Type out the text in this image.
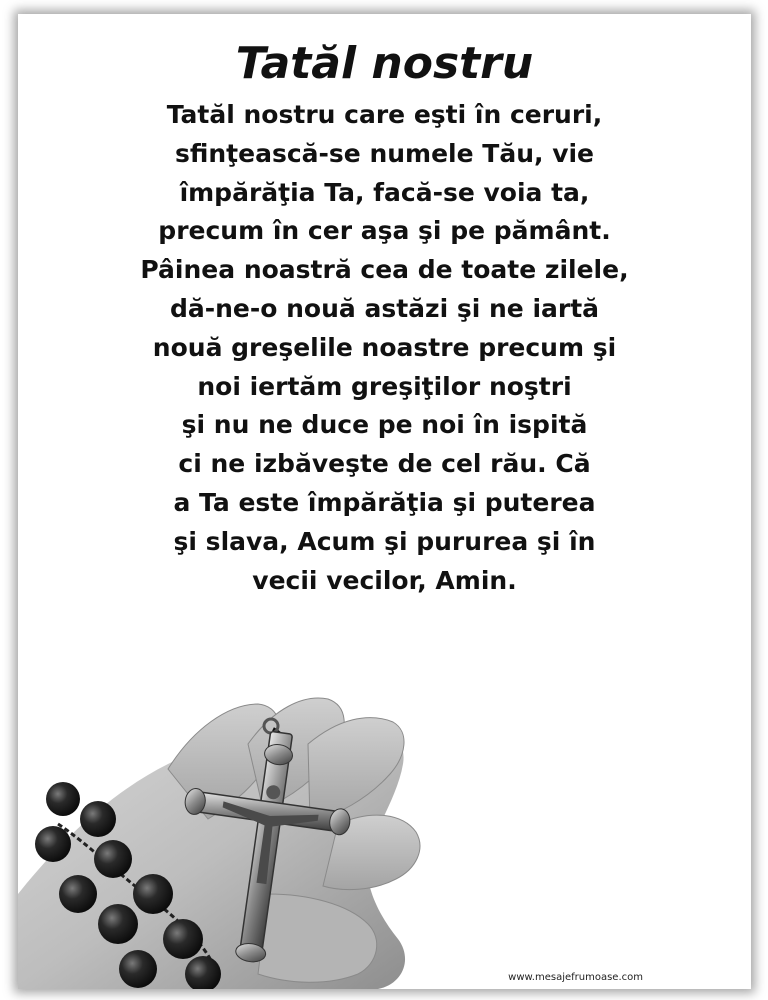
Tatăl nostru
Tatăl nostru care eşti în ceruri,
sfinţească-se numele Tău, vie
împărăţia Ta, facă-se voia ta,
precum în cer aşa şi pe pământ.
Pâinea noastră cea de toate zilele,
dă-ne-o nouă astăzi şi ne iartă
nouă greşelile noastre precum şi
noi iertăm greşiţilor noştri
şi nu ne duce pe noi în ispită
ci ne izbăveşte de cel rău. Că
a Ta este împărăţia şi puterea
şi slava, Acum şi pururea şi în
vecii vecilor, Amin.
www.mesajefrumoase.com
